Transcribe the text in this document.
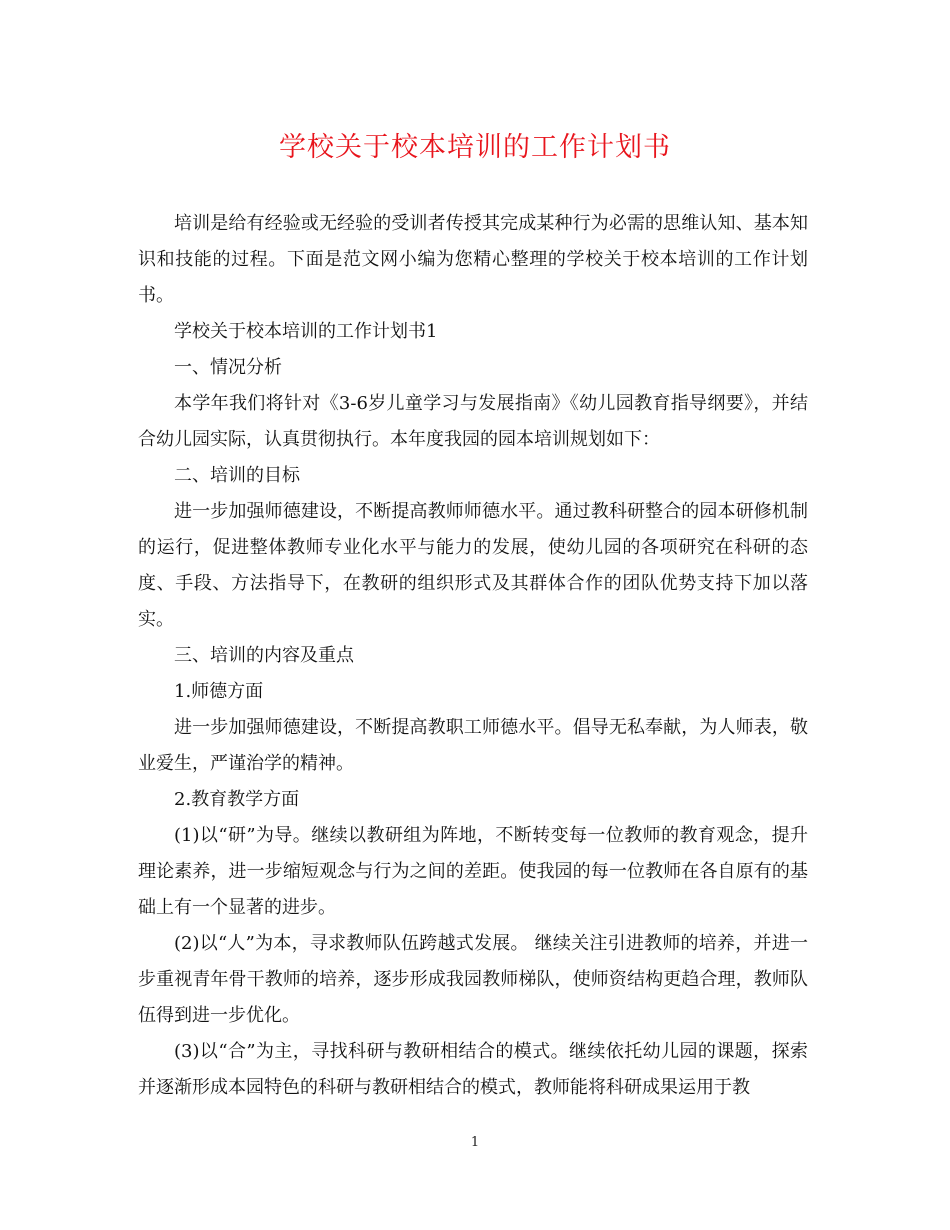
学校关于校本培训的工作计划书

培训是给有经验或无经验的受训者传授其完成某种行为必需的思维认知、基本知识和技能的过程。下面是范文网小编为您精心整理的学校关于校本培训的工作计划书。

学校关于校本培训的工作计划书1

一、情况分析

本学年我们将针对《3-6岁儿童学习与发展指南》《幼儿园教育指导纲要》，并结合幼儿园实际，认真贯彻执行。本年度我园的园本培训规划如下：

二、培训的目标

进一步加强师德建设，不断提高教师师德水平。通过教科研整合的园本研修机制的运行，促进整体教师专业化水平与能力的发展，使幼儿园的各项研究在科研的态度、手段、方法指导下，在教研的组织形式及其群体合作的团队优势支持下加以落实。

三、培训的内容及重点

1.师德方面

进一步加强师德建设，不断提高教职工师德水平。倡导无私奉献，为人师表，敬业爱生，严谨治学的精神。

2.教育教学方面

(1)以“研”为导。继续以教研组为阵地，不断转变每一位教师的教育观念，提升理论素养，进一步缩短观念与行为之间的差距。使我园的每一位教师在各自原有的基础上有一个显著的进步。

(2)以“人”为本，寻求教师队伍跨越式发展。 继续关注引进教师的培养，并进一步重视青年骨干教师的培养，逐步形成我园教师梯队，使师资结构更趋合理，教师队伍得到进一步优化。

(3)以“合”为主，寻找科研与教研相结合的模式。继续依托幼儿园的课题，探索并逐渐形成本园特色的科研与教研相结合的模式，教师能将科研成果运用于教

1
